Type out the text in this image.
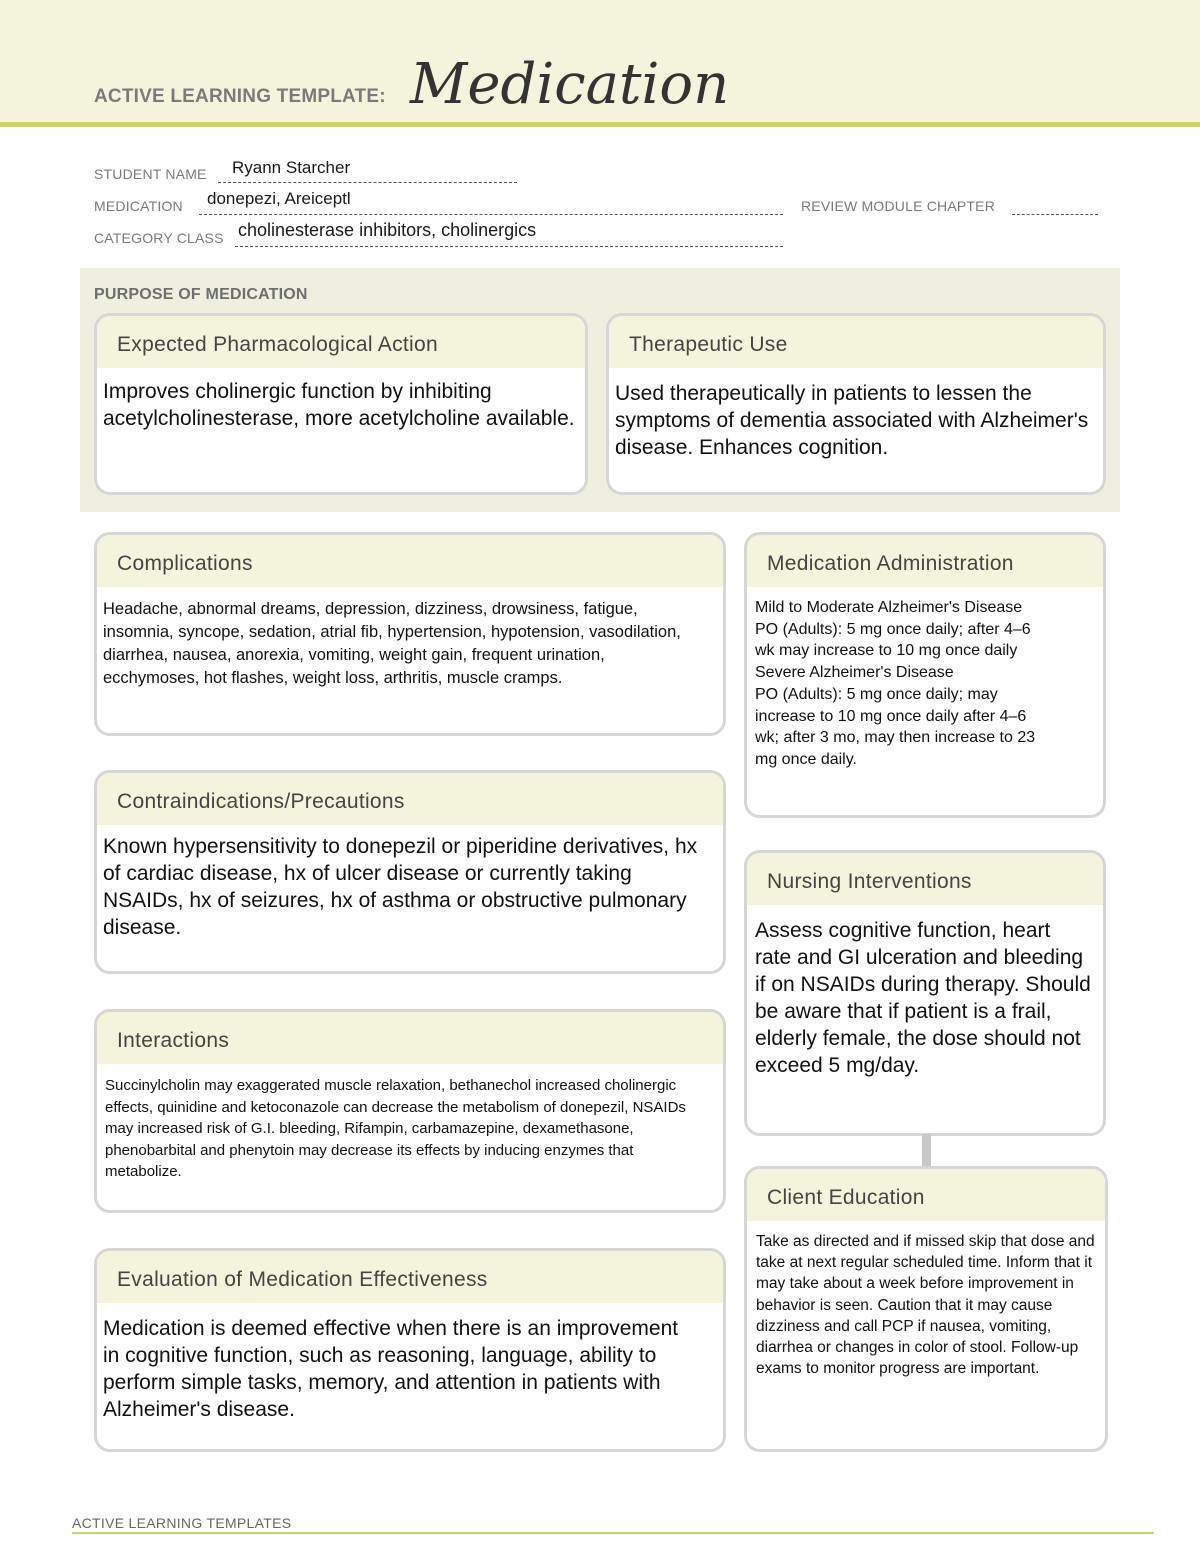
ACTIVE LEARNING TEMPLATE: Medication
STUDENT NAME Ryann Starcher
MEDICATION donepezi, Areiceptl	REVIEW MODULE CHAPTER
CATEGORY CLASS cholinesterase inhibitors, cholinergics
PURPOSE OF MEDICATION
Expected Pharmacological Action
Improves cholinergic function by inhibiting acetylcholinesterase, more acetylcholine available.
Therapeutic Use
Used therapeutically in patients to lessen the symptoms of dementia associated with Alzheimer's disease. Enhances cognition.
Complications
Headache, abnormal dreams, depression, dizziness, drowsiness, fatigue, insomnia, syncope, sedation, atrial fib, hypertension, hypotension, vasodilation, diarrhea, nausea, anorexia, vomiting, weight gain, frequent urination, ecchymoses, hot flashes, weight loss, arthritis, muscle cramps.
Medication Administration
Mild to Moderate Alzheimer's Disease
PO (Adults): 5 mg once daily; after 4–6
wk may increase to 10 mg once daily
Severe Alzheimer's Disease
PO (Adults): 5 mg once daily; may
increase to 10 mg once daily after 4–6
wk; after 3 mo, may then increase to 23
mg once daily.
Contraindications/Precautions
Known hypersensitivity to donepezil or piperidine derivatives, hx of cardiac disease, hx of ulcer disease or currently taking NSAIDs, hx of seizures, hx of asthma or obstructive pulmonary disease.
Nursing Interventions
Assess cognitive function, heart rate and GI ulceration and bleeding if on NSAIDs during therapy. Should be aware that if patient is a frail, elderly female, the dose should not exceed 5 mg/day.
Interactions
Succinylcholin may exaggerated muscle relaxation, bethanechol increased cholinergic effects, quinidine and ketoconazole can decrease the metabolism of donepezil, NSAIDs may increased risk of G.I. bleeding, Rifampin, carbamazepine, dexamethasone, phenobarbital and phenytoin may decrease its effects by inducing enzymes that metabolize.
Client Education
Take as directed and if missed skip that dose and take at next regular scheduled time. Inform that it may take about a week before improvement in behavior is seen. Caution that it may cause dizziness and call PCP if nausea, vomiting, diarrhea or changes in color of stool. Follow-up exams to monitor progress are important.
Evaluation of Medication Effectiveness
Medication is deemed effective when there is an improvement in cognitive function, such as reasoning, language, ability to perform simple tasks, memory, and attention in patients with Alzheimer's disease.
ACTIVE LEARNING TEMPLATES
